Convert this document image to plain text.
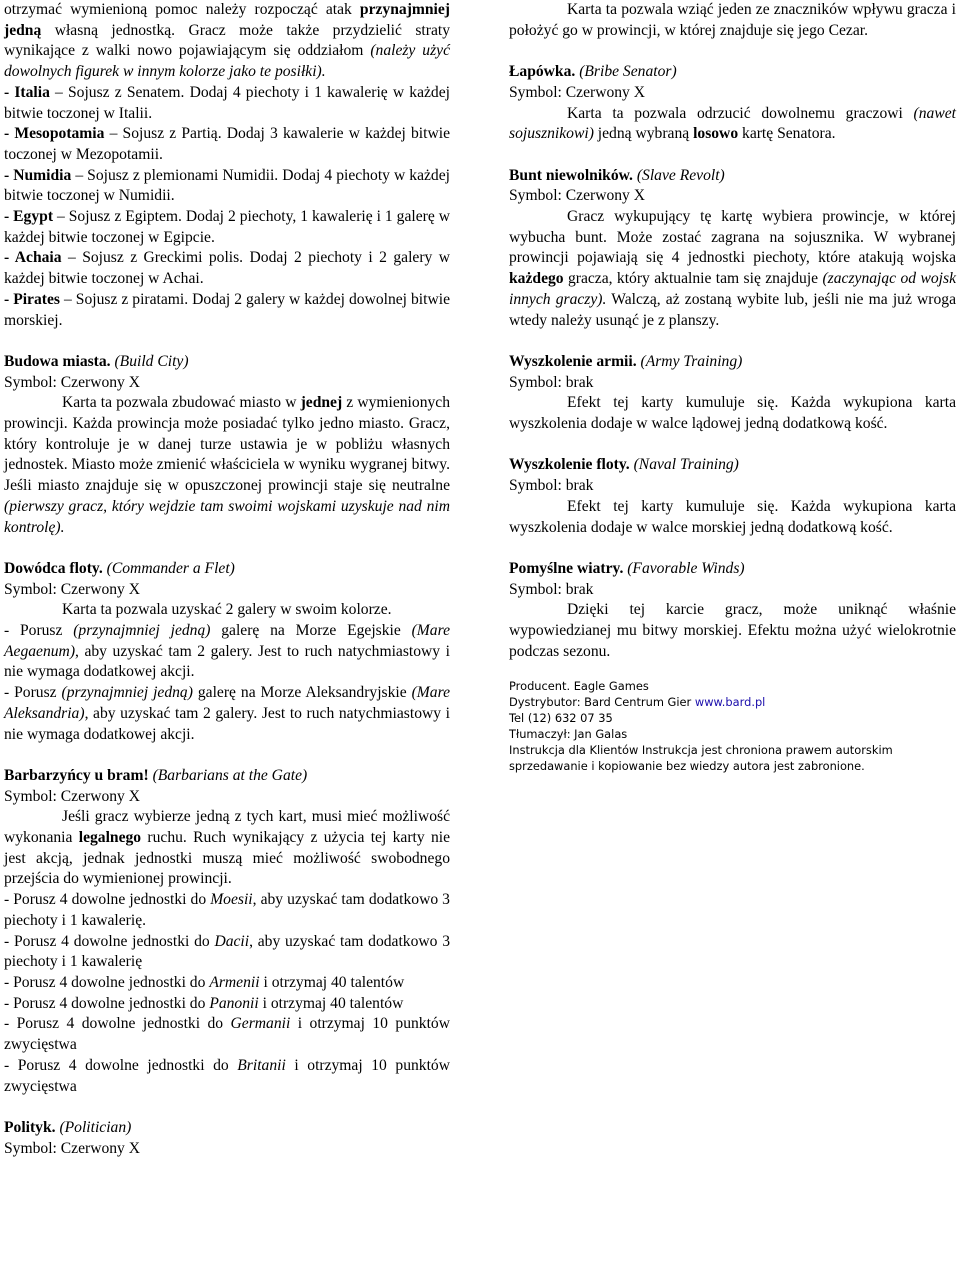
otrzymać wymienioną pomoc należy rozpocząć atak przynajmniej jedną własną jednostką. Gracz może także przydzielić straty wynikające z walki nowo pojawiającym się oddziałom (należy użyć dowolnych figurek w innym kolorze jako te posiłki).

- Italia – Sojusz z Senatem. Dodaj 4 piechoty i 1 kawalerię w każdej bitwie toczonej w Italii.

- Mesopotamia – Sojusz z Partią. Dodaj 3 kawalerie w każdej bitwie toczonej w Mezopotamii.

- Numidia – Sojusz z plemionami Numidii. Dodaj 4 piechoty w każdej bitwie toczonej w Numidii.

- Egypt – Sojusz z Egiptem. Dodaj 2 piechoty, 1 kawalerię i 1 galerę w każdej bitwie toczonej w Egipcie.

- Achaia – Sojusz z Greckimi polis. Dodaj 2 piechoty i 2 galery w każdej bitwie toczonej w Achai.

- Pirates – Sojusz z piratami. Dodaj 2 galery w każdej dowolnej bitwie morskiej.

Budowa miasta. (Build City)

Symbol: Czerwony X

Karta ta pozwala zbudować miasto w jednej z wymienionych prowincji. Każda prowincja może posiadać tylko jedno miasto. Gracz, który kontroluje je w danej turze ustawia je w pobliżu własnych jednostek. Miasto może zmienić właściciela w wyniku wygranej bitwy. Jeśli miasto znajduje się w opuszczonej prowincji staje się neutralne (pierwszy gracz, który wejdzie tam swoimi wojskami uzyskuje nad nim kontrolę).

Dowódca floty. (Commander a Flet)

Symbol: Czerwony X

Karta ta pozwala uzyskać 2 galery w swoim kolorze.

- Porusz (przynajmniej jedną) galerę na Morze Egejskie (Mare Aegaenum), aby uzyskać tam 2 galery. Jest to ruch natychmiastowy i nie wymaga dodatkowej akcji.

- Porusz (przynajmniej jedną) galerę na Morze Aleksandryjskie (Mare Aleksandria), aby uzyskać tam 2 galery. Jest to ruch natychmiastowy i nie wymaga dodatkowej akcji.

Barbarzyńcy u bram! (Barbarians at the Gate)

Symbol: Czerwony X

Jeśli gracz wybierze jedną z tych kart, musi mieć możliwość wykonania legalnego ruchu. Ruch wynikający z użycia tej karty nie jest akcją, jednak jednostki muszą mieć możliwość swobodnego przejścia do wymienionej prowincji.

- Porusz 4 dowolne jednostki do Moesii, aby uzyskać tam dodatkowo 3 piechoty i 1 kawalerię.

- Porusz 4 dowolne jednostki do Dacii, aby uzyskać tam dodatkowo 3 piechoty i 1 kawalerię

- Porusz 4 dowolne jednostki do Armenii i otrzymaj 40 talentów

- Porusz 4 dowolne jednostki do Panonii i otrzymaj 40 talentów

- Porusz 4 dowolne jednostki do Germanii i otrzymaj 10 punktów zwycięstwa

- Porusz 4 dowolne jednostki do Britanii i otrzymaj 10 punktów zwycięstwa

Polityk. (Politician)

Symbol: Czerwony X

Karta ta pozwala wziąć jeden ze znaczników wpływu gracza i położyć go w prowincji, w której znajduje się jego Cezar.

Łapówka. (Bribe Senator)

Symbol: Czerwony X

Karta ta pozwala odrzucić dowolnemu graczowi (nawet sojusznikowi) jedną wybraną losowo kartę Senatora.

Bunt niewolników. (Slave Revolt)

Symbol: Czerwony X

Gracz wykupujący tę kartę wybiera prowincje, w której wybucha bunt. Może zostać zagrana na sojusznika. W wybranej prowincji pojawiają się 4 jednostki piechoty, które atakują wojska każdego gracza, który aktualnie tam się znajduje (zaczynając od wojsk innych graczy). Walczą, aż zostaną wybite lub, jeśli nie ma już wroga wtedy należy usunąć je z planszy.

Wyszkolenie armii. (Army Training)

Symbol: brak

Efekt tej karty kumuluje się. Każda wykupiona karta wyszkolenia dodaje w walce lądowej jedną dodatkową kość.

Wyszkolenie floty. (Naval Training)

Symbol: brak

Efekt tej karty kumuluje się. Każda wykupiona karta wyszkolenia dodaje w walce morskiej jedną dodatkową kość.

Pomyślne wiatry. (Favorable Winds)

Symbol: brak

Dzięki tej karcie gracz, może uniknąć właśnie wypowiedzianej mu bitwy morskiej. Efektu można użyć wielokrotnie podczas sezonu.

Producent. Eagle Games
Dystrybutor: Bard Centrum Gier www.bard.pl
Tel (12) 632 07 35
Tłumaczył: Jan Galas
Instrukcja dla Klientów Instrukcja jest chroniona prawem autorskim sprzedawanie i kopiowanie bez wiedzy autora jest zabronione.
